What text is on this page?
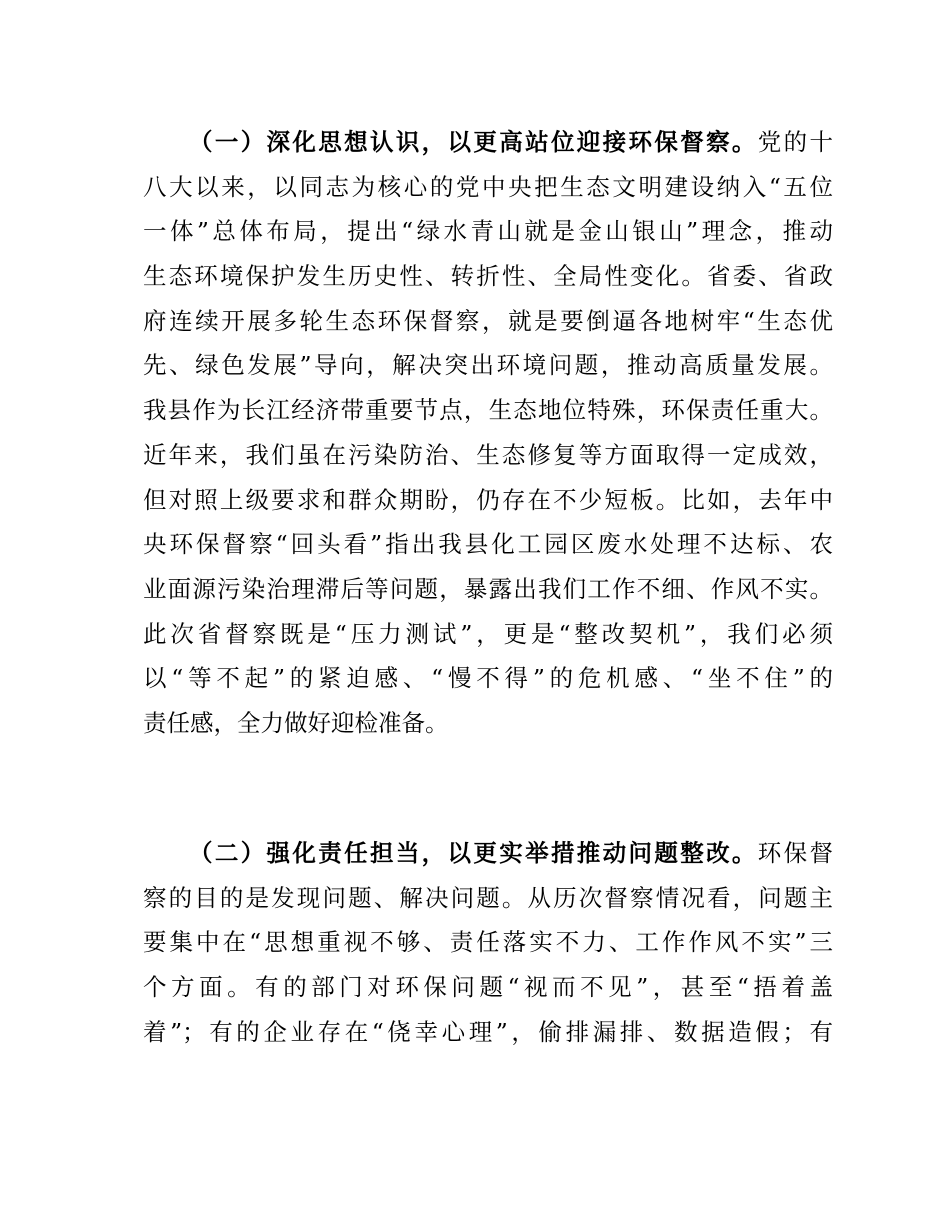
（一）深化思想认识，以更高站位迎接环保督察。党的十
八大以来，以同志为核心的党中央把生态文明建设纳入“五位
一体”总体布局，提出“绿水青山就是金山银山”理念，推动
生态环境保护发生历史性、转折性、全局性变化。省委、省政
府连续开展多轮生态环保督察，就是要倒逼各地树牢“生态优
先、绿色发展”导向，解决突出环境问题，推动高质量发展。
我县作为长江经济带重要节点，生态地位特殊，环保责任重大。
近年来，我们虽在污染防治、生态修复等方面取得一定成效，
但对照上级要求和群众期盼，仍存在不少短板。比如，去年中
央环保督察“回头看”指出我县化工园区废水处理不达标、农
业面源污染治理滞后等问题，暴露出我们工作不细、作风不实。
此次省督察既是“压力测试”，更是“整改契机”，我们必须
以“等不起”的紧迫感、“慢不得”的危机感、“坐不住”的
责任感，全力做好迎检准备。
（二）强化责任担当，以更实举措推动问题整改。环保督
察的目的是发现问题、解决问题。从历次督察情况看，问题主
要集中在“思想重视不够、责任落实不力、工作作风不实”三
个方面。有的部门对环保问题“视而不见”，甚至“捂着盖
着”；有的企业存在“侥幸心理”，偷排漏排、数据造假；有
